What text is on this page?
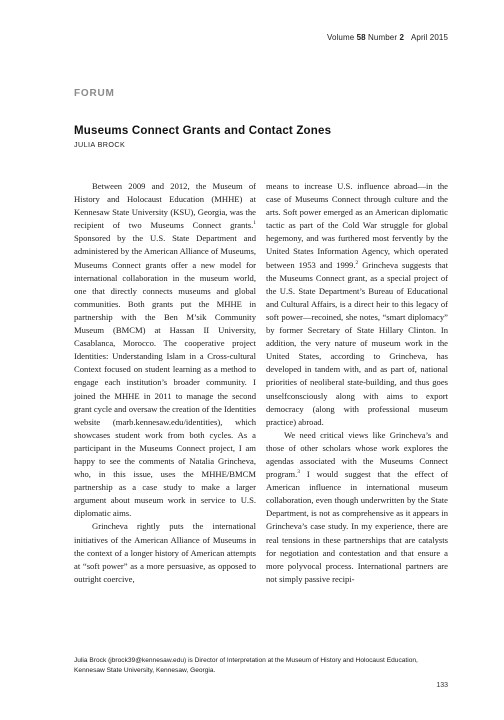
Volume 58 Number 2 April 2015
FORUM
Museums Connect Grants and Contact Zones
JULIA BROCK

Between 2009 and 2012, the Museum of History and Holocaust Education (MHHE) at Kennesaw State University (KSU), Georgia, was the recipient of two Museums Connect grants.$^1$ Sponsored by the U.S. State Department and administered by the American Alliance of Museums, Museums Connect grants offer a new model for international collaboration in the museum world, one that directly connects museums and global communities. Both grants put the MHHE in partnership with the Ben M’sik Community Museum (BMCM) at Hassan II University, Casablanca, Morocco. The cooperative project Identities: Understanding Islam in a Cross-cultural Context focused on student learning as a method to engage each institution’s broader community. I joined the MHHE in 2011 to manage the second grant cycle and oversaw the creation of the Identities website (marb.kennesaw.edu/identities), which showcases student work from both cycles. As a participant in the Museums Connect project, I am happy to see the comments of Natalia Grincheva, who, in this issue, uses the MHHE/BMCM partnership as a case study to make a larger argument about museum work in service to U.S. diplomatic aims.

Grincheva rightly puts the international initiatives of the American Alliance of Museums in the context of a longer history of American attempts at “soft power” as a more persuasive, as opposed to outright coercive,

means to increase U.S. influence abroad—in the case of Museums Connect through culture and the arts. Soft power emerged as an American diplomatic tactic as part of the Cold War struggle for global hegemony, and was furthered most fervently by the United States Information Agency, which operated between 1953 and 1999.$^2$ Grincheva suggests that the Museums Connect grant, as a special project of the U.S. State Department’s Bureau of Educational and Cultural Affairs, is a direct heir to this legacy of soft power—recoined, she notes, “smart diplomacy” by former Secretary of State Hillary Clinton. In addition, the very nature of museum work in the United States, according to Grincheva, has developed in tandem with, and as part of, national priorities of neoliberal state-building, and thus goes unselfconsciously along with aims to export democracy (along with professional museum practice) abroad.

We need critical views like Grincheva’s and those of other scholars whose work explores the agendas associated with the Museums Connect program.$^3$ I would suggest that the effect of American influence in international museum collaboration, even though underwritten by the State Department, is not as comprehensive as it appears in Grincheva’s case study. In my experience, there are real tensions in these partnerships that are catalysts for negotiation and contestation and that ensure a more polyvocal process. International partners are not simply passive recipi-

Julia Brock (jbrock39@kennesaw.edu) is Director of Interpretation at the Museum of History and Holocaust Education, Kennesaw State University, Kennesaw, Georgia.
133
